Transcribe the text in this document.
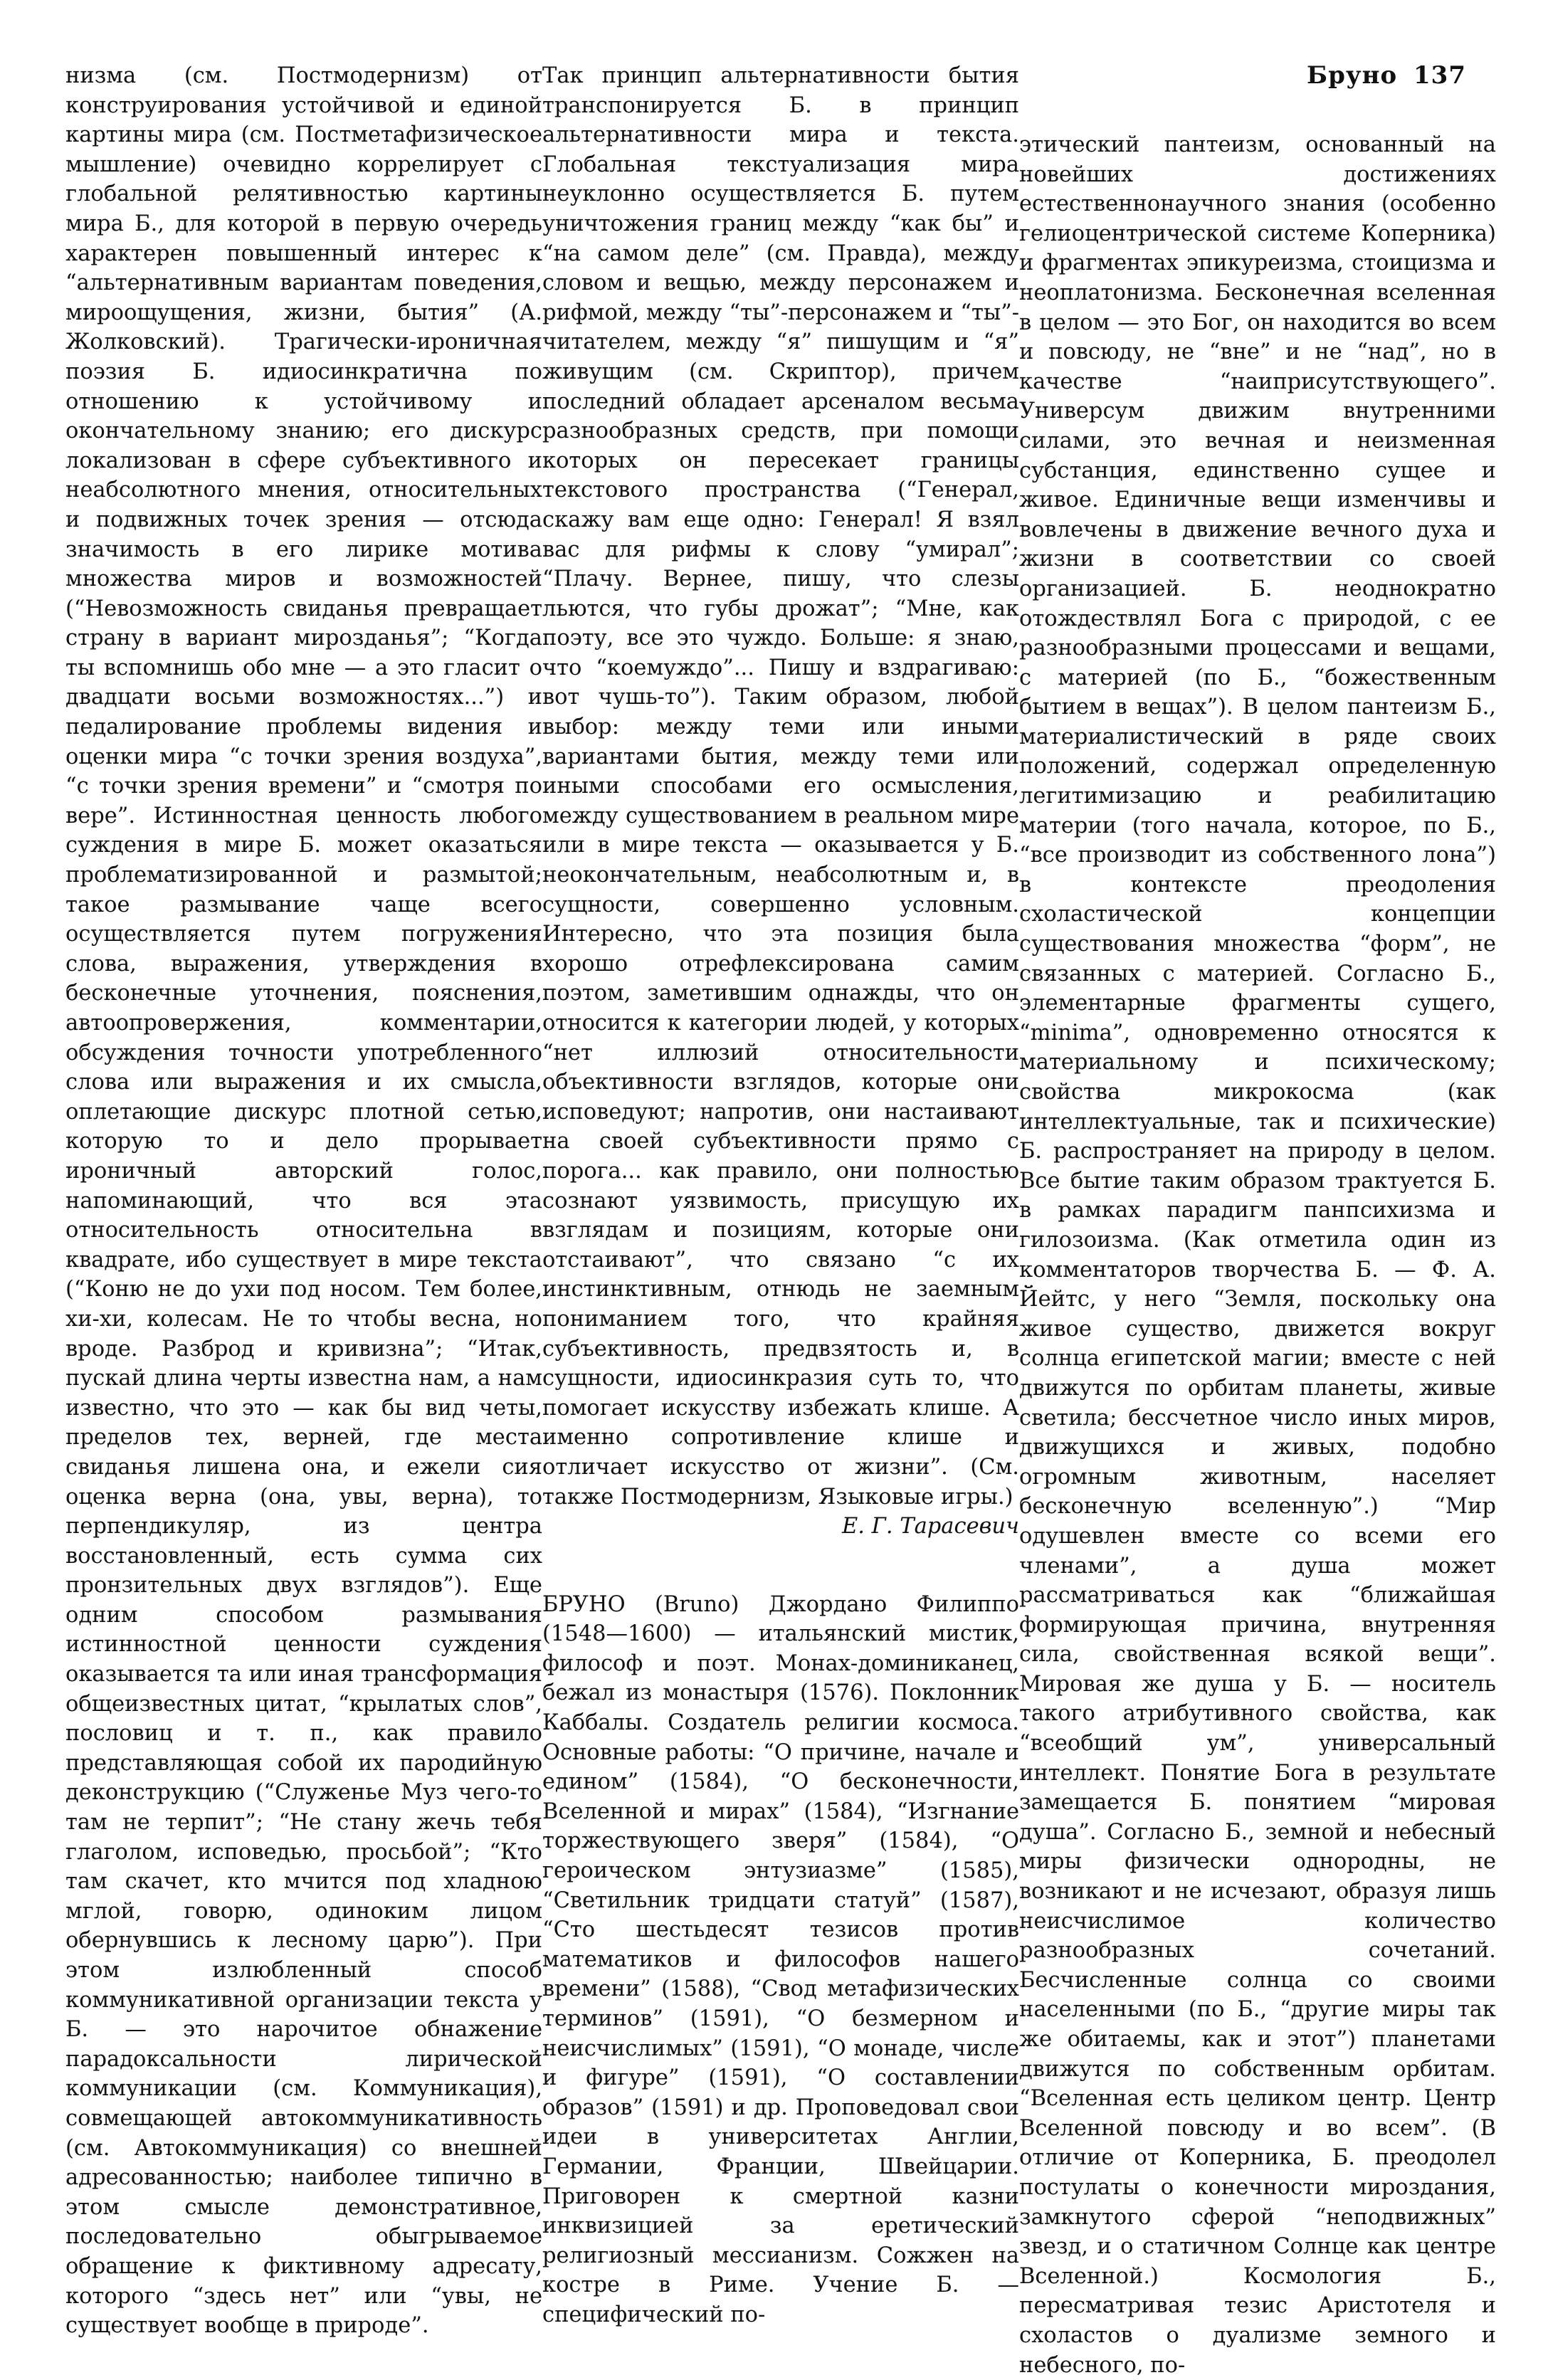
Бруно 137

низма (см. Постмодернизм) от конструирования устойчивой и единой картины мира (см. Постметафизическое мышление) очевидно коррелирует с глобальной релятивностью картины мира Б., для которой в первую очередь характерен повышенный интерес к “альтернативным вариантам поведения, мироощущения, жизни, бытия” (А. Жолковский). Трагически-ироничная поэзия Б. идиосинкратична по отношению к устойчивому и окончательному знанию; его дискурс локализован в сфере субъективного и неабсолютного мнения, относительных и подвижных точек зрения — отсюда значимость в его лирике мотива множества миров и возможностей (“Невозможность свиданья превращает страну в вариант мирозданья”; “Когда ты вспомнишь обо мне — а это гласит о двадцати восьми возможностях...”) и педалирование проблемы видения и оценки мира “с точки зрения воздуха”, “с точки зрения времени” и “смотря по вере”. Истинностная ценность любого суждения в мире Б. может оказаться проблематизированной и размытой; такое размывание чаще всего осуществляется путем погружения слова, выражения, утверждения в бесконечные уточнения, пояснения, автоопровержения, комментарии, обсуждения точности употребленного слова или выражения и их смысла, оплетающие дискурс плотной сетью, которую то и дело прорывает ироничный авторский голос, напоминающий, что вся эта относительность относительна в квадрате, ибо существует в мире текста (“Коню не до ухи под носом. Тем более, хи-хи, колесам. Не то чтобы весна, но вроде. Разброд и кривизна”; “Итак, пускай длина черты известна нам, а нам известно, что это — как бы вид четы, пределов тех, верней, где места свиданья лишена она, и ежели сия оценка верна (она, увы, верна), то перпендикуляр, из центра восстановленный, есть сумма сих пронзительных двух взглядов”). Еще одним способом размывания истинностной ценности суждения оказывается та или иная трансформация общеизвестных цитат, “крылатых слов”, пословиц и т. п., как правило представляющая собой их пародийную деконструкцию (“Служенье Муз чего-то там не терпит”; “Не стану жечь тебя глаголом, исповедью, просьбой”; “Кто там скачет, кто мчится под хладною мглой, говорю, одиноким лицом обернувшись к лесному царю”). При этом излюбленный способ коммуникативной организации текста у Б. — это нарочитое обнажение парадоксальности лирической коммуникации (см. Коммуникация), совмещающей автокоммуникативность (см. Автокоммуникация) со внешней адресованностью; наиболее типично в этом смысле демонстративное, последовательно обыгрываемое обращение к фиктивному адресату, которого “здесь нет” или “увы, не существует вообще в природе”.

Так принцип альтернативности бытия транспонируется Б. в принцип альтернативности мира и текста. Глобальная текстуализация мира неуклонно осуществляется Б. путем уничтожения границ между “как бы” и “на самом деле” (см. Правда), между словом и вещью, между персонажем и рифмой, между “ты”-персонажем и “ты”-читателем, между “я” пишущим и “я” живущим (см. Скриптор), причем последний обладает арсеналом весьма разнообразных средств, при помощи которых он пересекает границы текстового пространства (“Генерал, скажу вам еще одно: Генерал! Я взял вас для рифмы к слову “умирал”; “Плачу. Вернее, пишу, что слезы льются, что губы дрожат”; “Мне, как поэту, все это чуждо. Больше: я знаю, что “коемуждо”... Пишу и вздрагиваю: вот чушь-то”). Таким образом, любой выбор: между теми или иными вариантами бытия, между теми или иными способами его осмысления, между существованием в реальном мире или в мире текста — оказывается у Б. неокончательным, неабсолютным и, в сущности, совершенно условным. Интересно, что эта позиция была хорошо отрефлексирована самим поэтом, заметившим однажды, что он относится к категории людей, у которых “нет иллюзий относительности объективности взглядов, которые они исповедуют; напротив, они настаивают на своей субъективности прямо с порога... как правило, они полностью сознают уязвимость, присущую их взглядам и позициям, которые они отстаивают”, что связано “с их инстинктивным, отнюдь не заемным пониманием того, что крайняя субъективность, предвзятость и, в сущности, идиосинкразия суть то, что помогает искусству избежать клише. А именно сопротивление клише и отличает искусство от жизни”. (См. также Постмодернизм, Языковые игры.)

Е. Г. Тарасевич

БРУНО (Bruno) Джордано Филиппо (1548—1600) — итальянский мистик, философ и поэт. Монах-доминиканец, бежал из монастыря (1576). Поклонник Каббалы. Создатель религии космоса. Основные работы: “О причине, начале и едином” (1584), “О бесконечности, Вселенной и мирах” (1584), “Изгнание торжествующего зверя” (1584), “О героическом энтузиазме” (1585), “Светильник тридцати статуй” (1587), “Сто шестьдесят тезисов против математиков и философов нашего времени” (1588), “Свод метафизических терминов” (1591), “О безмерном и неисчислимых” (1591), “О монаде, числе и фигуре” (1591), “О составлении образов” (1591) и др. Проповедовал свои идеи в университетах Англии, Германии, Франции, Швейцарии. Приговорен к смертной казни инквизицией за еретический религиозный мессианизм. Сожжен на костре в Риме. Учение Б. —специфический по-

этический пантеизм, основанный на новейших достижениях естественнонаучного знания (особенно гелиоцентрической системе Коперника) и фрагментах эпикуреизма, стоицизма и неоплатонизма. Бесконечная вселенная в целом — это Бог, он находится во всем и повсюду, не “вне” и не “над”, но в качестве “наиприсутствующего”. Универсум движим внутренними силами, это вечная и неизменная субстанция, единственно сущее и живое. Единичные вещи изменчивы и вовлечены в движение вечного духа и жизни в соответствии со своей организацией. Б. неоднократно отождествлял Бога с природой, с ее разнообразными процессами и вещами, с материей (по Б., “божественным бытием в вещах”). В целом пантеизм Б., материалистический в ряде своих положений, содержал определенную легитимизацию и реабилитацию материи (того начала, которое, по Б., “все производит из собственного лона”) в контексте преодоления схоластической концепции существования множества “форм”, не связанных с материей. Согласно Б., элементарные фрагменты сущего, “minima”, одновременно относятся к материальному и психическому; свойства микрокосма (как интеллектуальные, так и психические) Б. распространяет на природу в целом. Все бытие таким образом трактуется Б. в рамках парадигм панпсихизма и гилозоизма. (Как отметила один из комментаторов творчества Б. — Ф. А. Йейтс, у него “Земля, поскольку она живое существо, движется вокруг солнца египетской магии; вместе с ней движутся по орбитам планеты, живые светила; бессчетное число иных миров, движущихся и живых, подобно огромным животным, населяет бесконечную вселенную”.) “Мир одушевлен вместе со всеми его членами”, а душа может рассматриваться как “ближайшая формирующая причина, внутренняя сила, свойственная всякой вещи”. Мировая же душа у Б. — носитель такого атрибутивного свойства, как “всеобщий ум”, универсальный интеллект. Понятие Бога в результате замещается Б. понятием “мировая душа”. Согласно Б., земной и небесный миры физически однородны, не возникают и не исчезают, образуя лишь неисчислимое количество разнообразных сочетаний. Бесчисленные солнца со своими населенными (по Б., “другие миры так же обитаемы, как и этот”) планетами движутся по собственным орбитам. “Вселенная есть целиком центр. Центр Вселенной повсюду и во всем”. (В отличие от Коперника, Б. преодолел постулаты о конечности мироздания, замкнутого сферой “неподвижных” звезд, и о статичном Солнце как центре Вселенной.) Космология Б., пересматривая тезис Аристотеля и схоластов о дуализме земного и небесного, по-
